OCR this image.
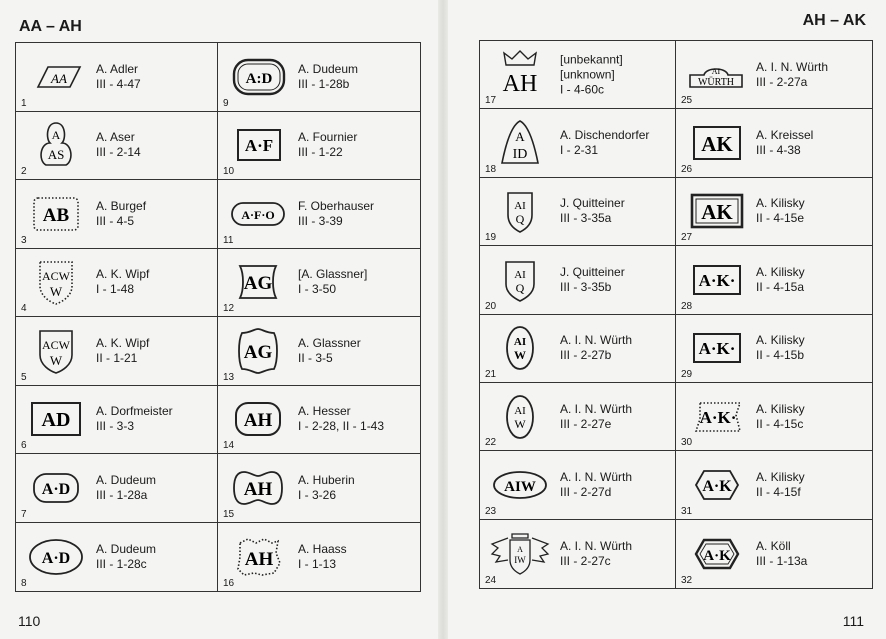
AA – AH
AA
A. Adler
III - 4-47
1
A:D
A. Dudeum
III - 1-28b
9
A
AS
A. Aser
III - 2-14
2
A·F A. Fournier
III - 1-22
10
AB A. Burgef
III - 4-5
3
A·F·O
F. Oberhauser
III - 3-39
11
ACW
W
A. K. Wipf
I - 1-48
4
AG [A. Glassner]
I - 3-50
12
ACW
W
A. K. Wipf
II - 1-21
5
AG A. Glassner
II - 3-5
13
AD A. Dorfmeister
III - 3-3
6
AH A. Hesser
I - 2-28, II - 1-43
14
A·D
A. Dudeum
III - 1-28a
7
AH A. Huberin
I - 3-26
15
A·D
A. Dudeum
III - 1-28c
8
AH A. Haass
I - 1-13
16
110
AH – AK
AH
[unbekannt]
[unknown]
I - 4-60c
17
AI
WÜRTH
A. I. N. Würth
III - 2-27a
25
A
ID
A. Dischendorfer
I - 2-31
18
AK A. Kreissel
III - 4-38
26
AI
Q
J. Quitteiner
III - 3-35a
19
AK A. Kilisky
II - 4-15e
27
AI
Q
J. Quitteiner
III - 3-35b
20
A·K· A. Kilisky
II - 4-15a
28
AI
W
A. I. N. Würth
III - 2-27b
21
A·K· A. Kilisky
II - 4-15b
29
AI
W
A. I. N. Würth
III - 2-27e
22
A·K· A. Kilisky
II - 4-15c
30
AIW
A. I. N. Würth
III - 2-27d
23
A·K
A. Kilisky
II - 4-15f
31
A
IW
A. I. N. Würth
III - 2-27c
24
A·K
A. Köll
III - 1-13a
32
111
